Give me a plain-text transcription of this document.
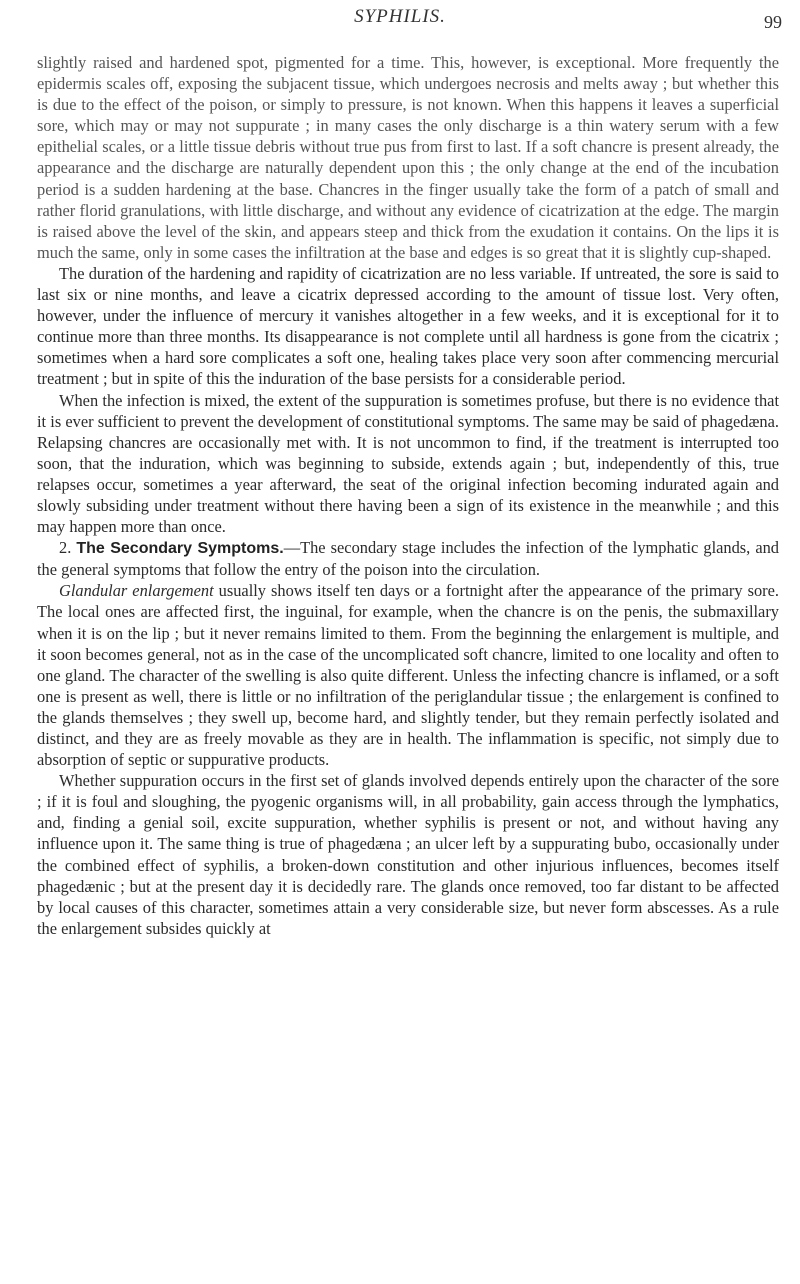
SYPHILIS.	99

slightly raised and hardened spot, pigmented for a time. This, however, is exceptional. More frequently the epidermis scales off, exposing the subjacent tissue, which undergoes necrosis and melts away ; but whether this is due to the effect of the poison, or simply to pressure, is not known. When this happens it leaves a superficial sore, which may or may not suppurate ; in many cases the only discharge is a thin watery serum with a few epithelial scales, or a little tissue debris without true pus from first to last. If a soft chancre is present already, the appearance and the discharge are naturally dependent upon this ; the only change at the end of the incubation period is a sudden hardening at the base. Chancres in the finger usually take the form of a patch of small and rather florid granulations, with little discharge, and without any evidence of cicatrization at the edge. The margin is raised above the level of the skin, and appears steep and thick from the exudation it contains. On the lips it is much the same, only in some cases the infiltration at the base and edges is so great that it is slightly cup-shaped.

The duration of the hardening and rapidity of cicatrization are no less variable. If untreated, the sore is said to last six or nine months, and leave a cicatrix depressed according to the amount of tissue lost. Very often, however, under the influence of mercury it vanishes altogether in a few weeks, and it is exceptional for it to continue more than three months. Its disappearance is not complete until all hardness is gone from the cicatrix ; sometimes when a hard sore complicates a soft one, healing takes place very soon after commencing mercurial treatment ; but in spite of this the induration of the base persists for a considerable period.

When the infection is mixed, the extent of the suppuration is sometimes profuse, but there is no evidence that it is ever sufficient to prevent the development of constitutional symptoms. The same may be said of phagedæna. Relapsing chancres are occasionally met with. It is not uncommon to find, if the treatment is interrupted too soon, that the induration, which was beginning to subside, extends again ; but, independently of this, true relapses occur, sometimes a year afterward, the seat of the original infection becoming indurated again and slowly subsiding under treatment without there having been a sign of its existence in the meanwhile ; and this may happen more than once.

2. The Secondary Symptoms.—The secondary stage includes the infection of the lymphatic glands, and the general symptoms that follow the entry of the poison into the circulation.

Glandular enlargement usually shows itself ten days or a fortnight after the appearance of the primary sore. The local ones are affected first, the inguinal, for example, when the chancre is on the penis, the submaxillary when it is on the lip ; but it never remains limited to them. From the beginning the enlargement is multiple, and it soon becomes general, not as in the case of the uncomplicated soft chancre, limited to one locality and often to one gland. The character of the swelling is also quite different. Unless the infecting chancre is inflamed, or a soft one is present as well, there is little or no infiltration of the periglandular tissue ; the enlargement is confined to the glands themselves ; they swell up, become hard, and slightly tender, but they remain perfectly isolated and distinct, and they are as freely movable as they are in health. The inflammation is specific, not simply due to absorption of septic or suppurative products.

Whether suppuration occurs in the first set of glands involved depends entirely upon the character of the sore ; if it is foul and sloughing, the pyogenic organisms will, in all probability, gain access through the lymphatics, and, finding a genial soil, excite suppuration, whether syphilis is present or not, and without having any influence upon it. The same thing is true of phagedæna ; an ulcer left by a suppurating bubo, occasionally under the combined effect of syphilis, a broken-down constitution and other injurious influences, becomes itself phagedænic ; but at the present day it is decidedly rare. The glands once removed, too far distant to be affected by local causes of this character, sometimes attain a very considerable size, but never form abscesses. As a rule the enlargement subsides quickly at
